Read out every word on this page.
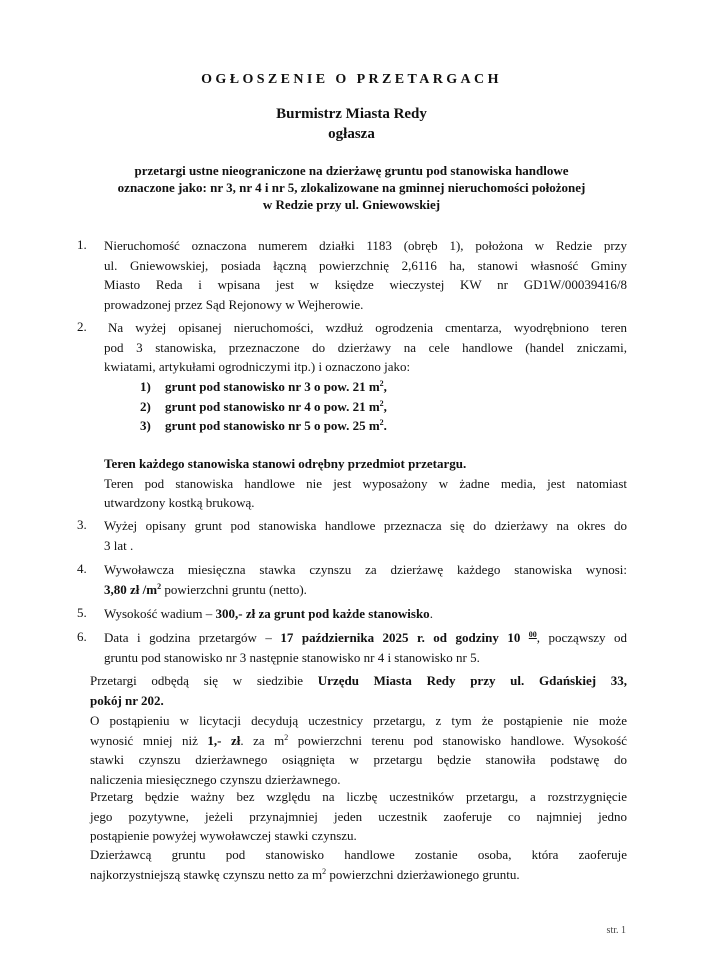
OGŁOSZENIE O PRZETARGACH
Burmistrz Miasta Redy
ogłasza
przetargi ustne nieograniczone na dzierżawę gruntu pod stanowiska handlowe
oznaczone jako: nr 3, nr 4 i nr 5, zlokalizowane na gminnej nieruchomości położonej
w Redzie przy ul. Gniewowskiej
1. Nieruchomość oznaczona numerem działki 1183 (obręb 1), położona w Redzie przy
ul. Gniewowskiej, posiada łączną powierzchnię 2,6116 ha, stanowi własność Gminy
Miasto Reda i wpisana jest w księdze wieczystej KW nr GD1W/00039416/8
prowadzonej przez Sąd Rejonowy w Wejherowie.
2.	Na wyżej opisanej nieruchomości, wzdłuż ogrodzenia cmentarza, wyodrębniono teren
pod 3 stanowiska, przeznaczone do dzierżawy na cele handlowe (handel zniczami,
kwiatami, artykułami ogrodniczymi itp.) i oznaczono jako:
1) grunt pod stanowisko nr 3 o pow. 21 $m^2$,
2) grunt pod stanowisko nr 4 o pow. 21 $m^2$,
3) grunt pod stanowisko nr 5 o pow. 25 $m^2$.
Teren każdego stanowiska stanowi odrębny przedmiot przetargu.
Teren pod stanowiska handlowe nie jest wyposażony w żadne media, jest natomiast
utwardzony kostką brukową.
3. Wyżej opisany grunt pod stanowiska handlowe przeznacza się do dzierżawy na okres do
3 lat .
4. Wywoławcza miesięczna stawka czynszu za dzierżawę każdego stanowiska wynosi:
3,80 zł $/m^2$ powierzchni gruntu (netto).
5. Wysokość wadium – 300,- zł za grunt pod każde stanowisko.
6. Data i godzina przetargów – 17 października 2025 r. od godziny 10 $^{00}$, począwszy od
gruntu pod stanowisko nr 3 następnie stanowisko nr 4 i stanowisko nr 5.
Przetargi odbędą się w siedzibie Urzędu Miasta Redy przy ul. Gdańskiej 33,
pokój nr 202.
O postąpieniu w licytacji decydują uczestnicy przetargu, z tym że postąpienie nie może
wynosić mniej niż 1,- zł. za $m^2$ powierzchni terenu pod stanowisko handlowe. Wysokość
stawki czynszu dzierżawnego osiągnięta w przetargu będzie stanowiła podstawę do
naliczenia miesięcznego czynszu dzierżawnego.
Przetarg będzie ważny bez względu na liczbę uczestników przetargu, a rozstrzygnięcie
jego pozytywne, jeżeli przynajmniej jeden uczestnik zaoferuje co najmniej jedno
postąpienie powyżej wywoławczej stawki czynszu.
Dzierżawcą gruntu pod stanowisko handlowe zostanie osoba, która zaoferuje
najkorzystniejszą stawkę czynszu netto za $m^2$ powierzchni dzierżawionego gruntu.
str. 1
